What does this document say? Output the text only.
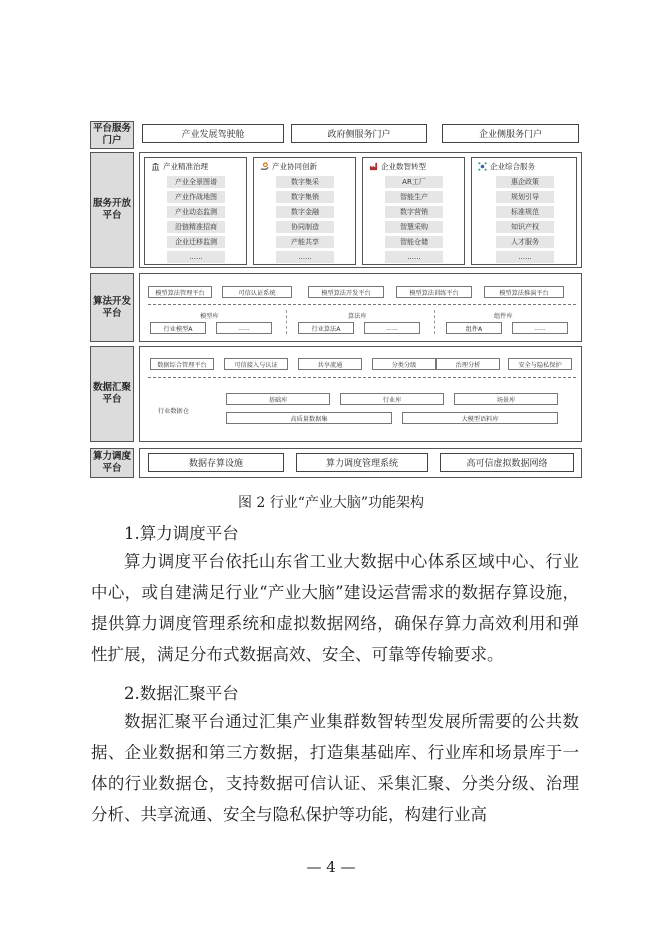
平台服务门户	产业发展驾驶舱	政府侧服务门户	企业侧服务门户
服务开放平台
产业精准治理
产业全景图谱
产业作战地图
产业动态监测
沿链精准招商
企业迁移监测
......
产业协同创新
数字集采
数字集销
数字金融
协同制造
产能共享
......
企业数智转型
AR工厂
智能生产
数字营销
智慧采购
智能仓储
......
企业综合服务
惠企政策
规划引导
标准规范
知识产权
人才服务
......
算法开发平台
模型算法管理平台	可信认证系统	模型算法开发平台	模型算法训练平台	模型算法推演平台
模型库
行业模型A	......
算法库
行业算法A	......
组件库
组件A	......
数据汇聚平台
数据综合管理平台	可信接入与认证	共享流通	分类分级	治理分析	安全与隐私保护
行业数据仓
基础库	行业库	场景库
高质量数据集	大模型语料库
算力调度平台	数据存算设施	算力调度管理系统	高可信虚拟数据网络
图 2 行业“产业大脑”功能架构
1.算力调度平台
算力调度平台依托山东省工业大数据中心体系区域中心、行业中心，或自建满足行业“产业大脑”建设运营需求的数据存算设施，提供算力调度管理系统和虚拟数据网络，确保存算力高效利用和弹性扩展，满足分布式数据高效、安全、可靠等传输要求。
2.数据汇聚平台
数据汇聚平台通过汇集产业集群数智转型发展所需要的公共数据、企业数据和第三方数据，打造集基础库、行业库和场景库于一体的行业数据仓，支持数据可信认证、采集汇聚、分类分级、治理分析、共享流通、安全与隐私保护等功能，构建行业高
— 4 —
